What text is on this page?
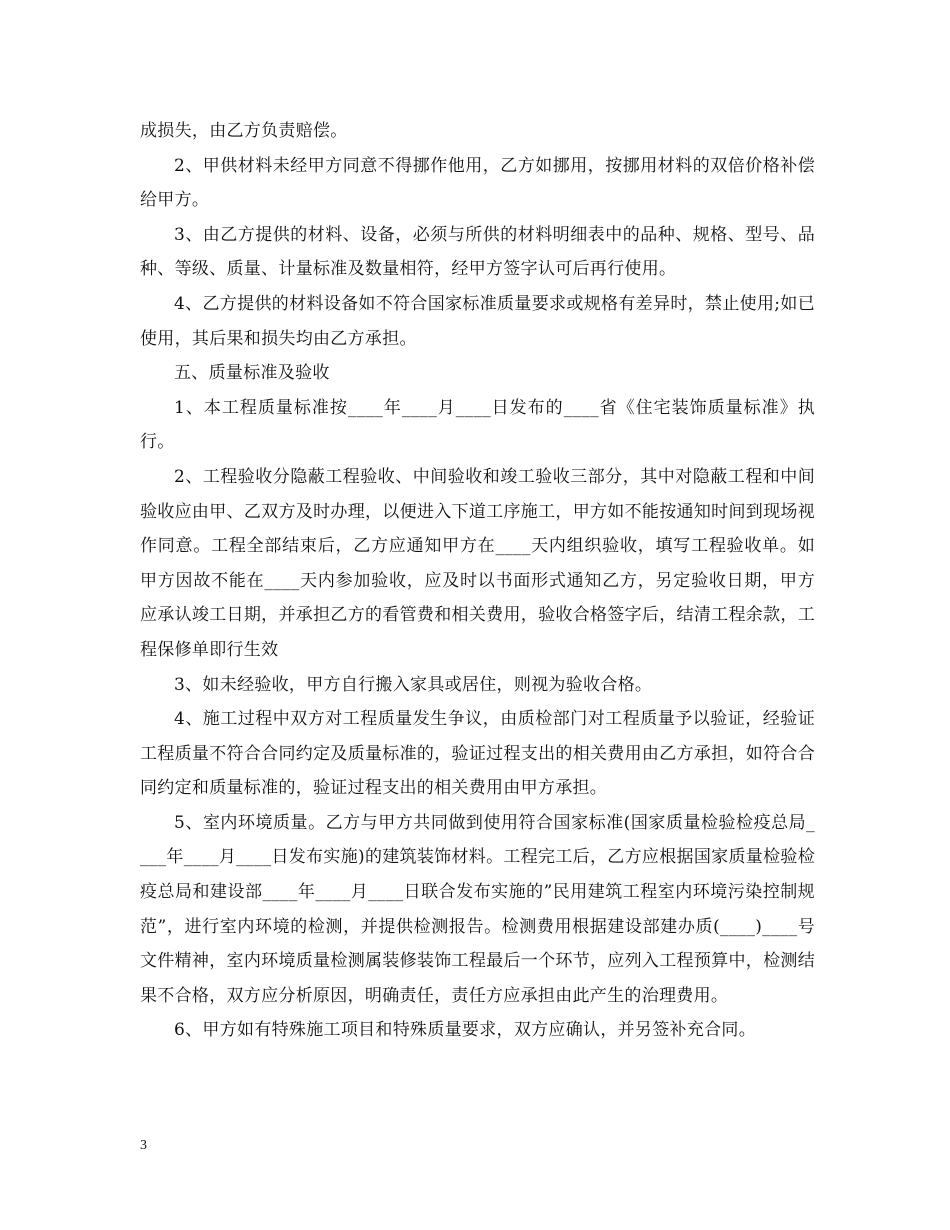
成损失，由乙方负责赔偿。

2、甲供材料未经甲方同意不得挪作他用，乙方如挪用，按挪用材料的双倍价格补偿给甲方。

3、由乙方提供的材料、设备，必须与所供的材料明细表中的品种、规格、型号、品种、等级、质量、计量标准及数量相符，经甲方签字认可后再行使用。

4、乙方提供的材料设备如不符合国家标准质量要求或规格有差异时，禁止使用;如已使用，其后果和损失均由乙方承担。

五、质量标准及验收

1、本工程质量标准按____年____月____日发布的____省《住宅装饰质量标准》执行。

2、工程验收分隐蔽工程验收、中间验收和竣工验收三部分，其中对隐蔽工程和中间验收应由甲、乙双方及时办理，以便进入下道工序施工，甲方如不能按通知时间到现场视作同意。工程全部结束后，乙方应通知甲方在____天内组织验收，填写工程验收单。如甲方因故不能在____天内参加验收，应及时以书面形式通知乙方，另定验收日期，甲方应承认竣工日期，并承担乙方的看管费和相关费用，验收合格签字后，结清工程余款，工程保修单即行生效

3、如未经验收，甲方自行搬入家具或居住，则视为验收合格。

4、施工过程中双方对工程质量发生争议，由质检部门对工程质量予以验证，经验证工程质量不符合合同约定及质量标准的，验证过程支出的相关费用由乙方承担，如符合合同约定和质量标准的，验证过程支出的相关费用由甲方承担。

5、室内环境质量。乙方与甲方共同做到使用符合国家标准(国家质量检验检疫总局____年____月____日发布实施)的建筑装饰材料。工程完工后，乙方应根据国家质量检验检疫总局和建设部____年____月____日联合发布实施的”民用建筑工程室内环境污染控制规范”，进行室内环境的检测，并提供检测报告。检测费用根据建设部建办质(____)____号文件精神，室内环境质量检测属装修装饰工程最后一个环节，应列入工程预算中，检测结果不合格，双方应分析原因，明确责任，责任方应承担由此产生的治理费用。

6、甲方如有特殊施工项目和特殊质量要求，双方应确认，并另签补充合同。

3
